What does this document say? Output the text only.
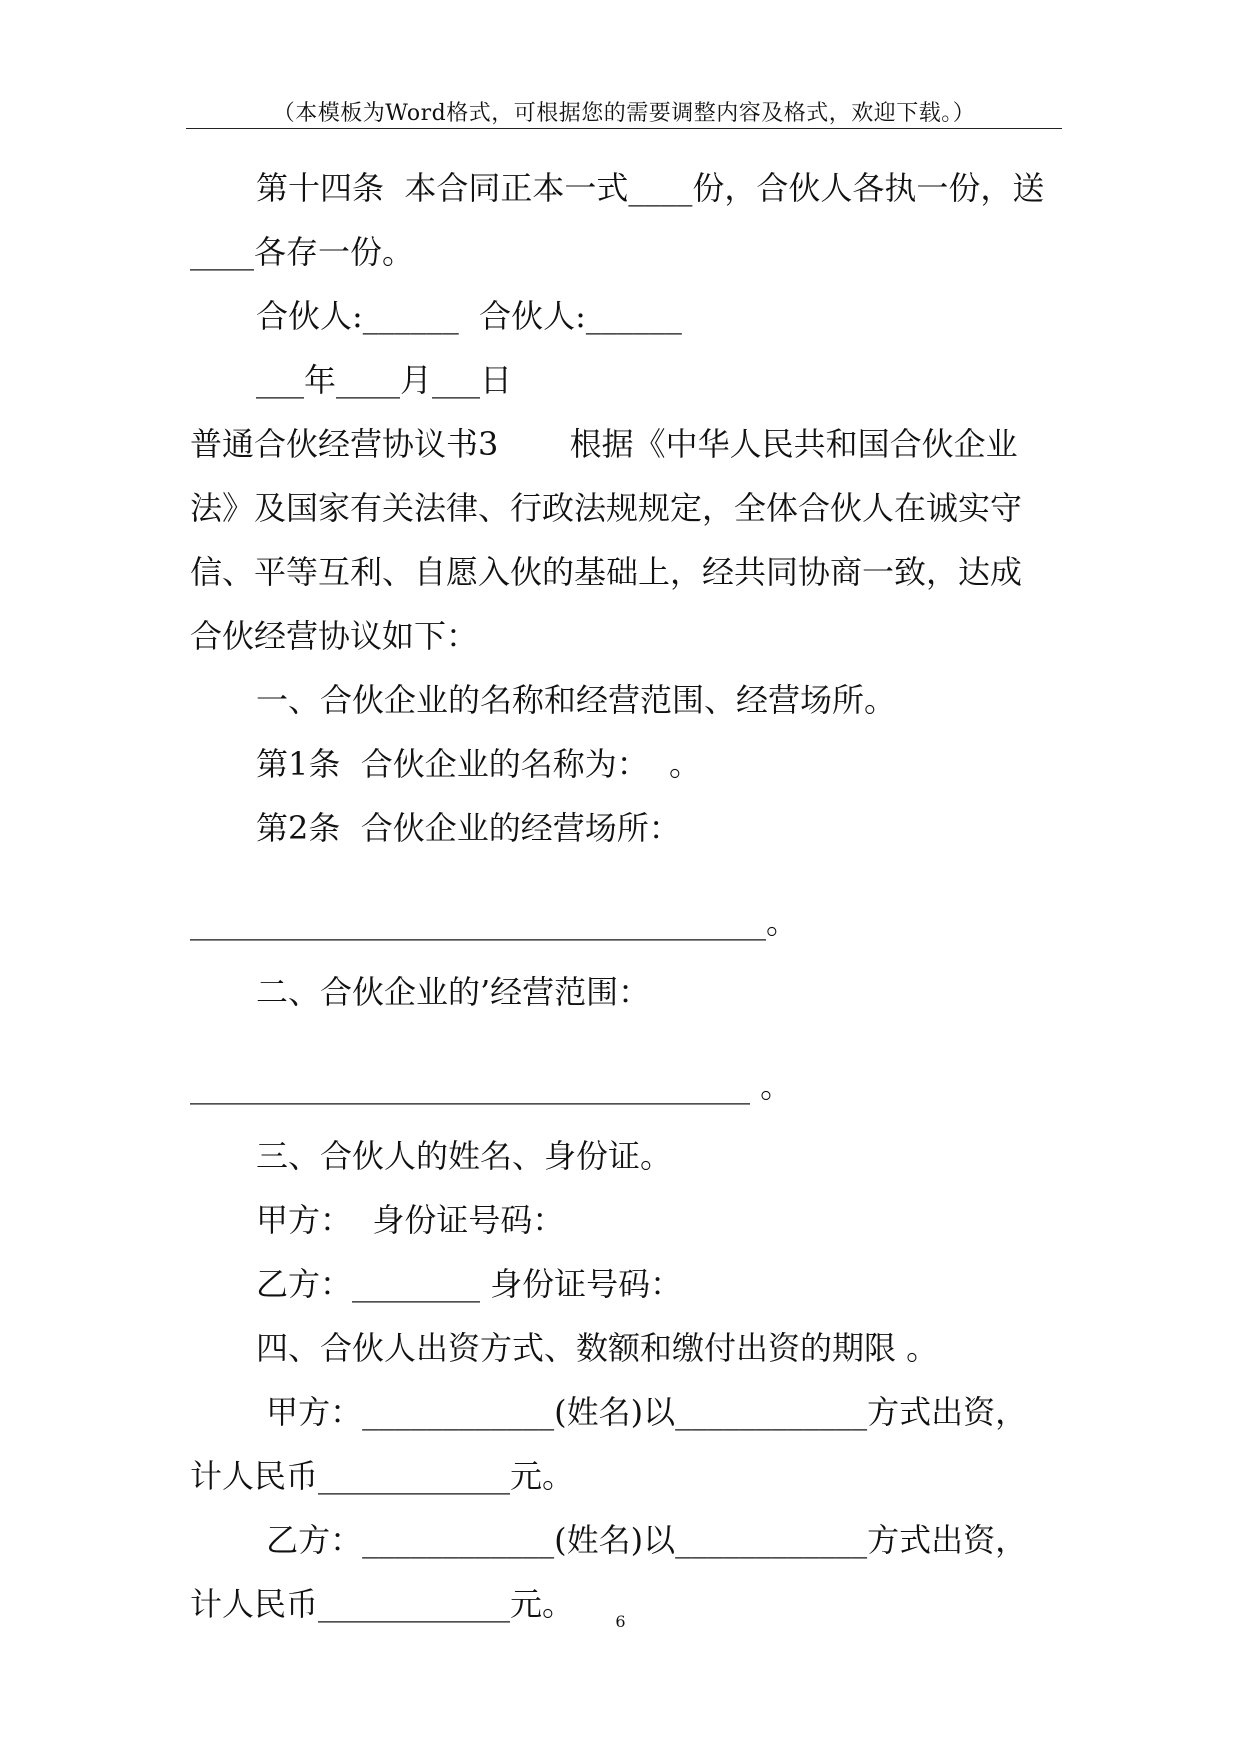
（本模板为Word格式，可根据您的需要调整内容及格式，欢迎下载。）

第十四条  本合同正本一式____份，合伙人各执一份，送

____各存一份。

合伙人:______  合伙人:______

___年____月___日

普通合伙经营协议书3       根据《中华人民共和国合伙企业

法》及国家有关法律、行政法规规定，全体合伙人在诚实守

信、平等互利、自愿入伙的基础上，经共同协商一致，达成

合伙经营协议如下：

一、合伙企业的名称和经营范围、经营场所。

第1条  合伙企业的名称为：  。

第2条  合伙企业的经营场所：

____________________________________。

二、合伙企业的’经营范围：

___________________________________ 。

三、合伙人的姓名、身份证。

甲方：  身份证号码：

乙方：________ 身份证号码：

四、合伙人出资方式、数额和缴付出资的期限 。

甲方：____________(姓名)以____________方式出资，

计人民币____________元。

乙方：____________(姓名)以____________方式出资，

计人民币____________元。	6
